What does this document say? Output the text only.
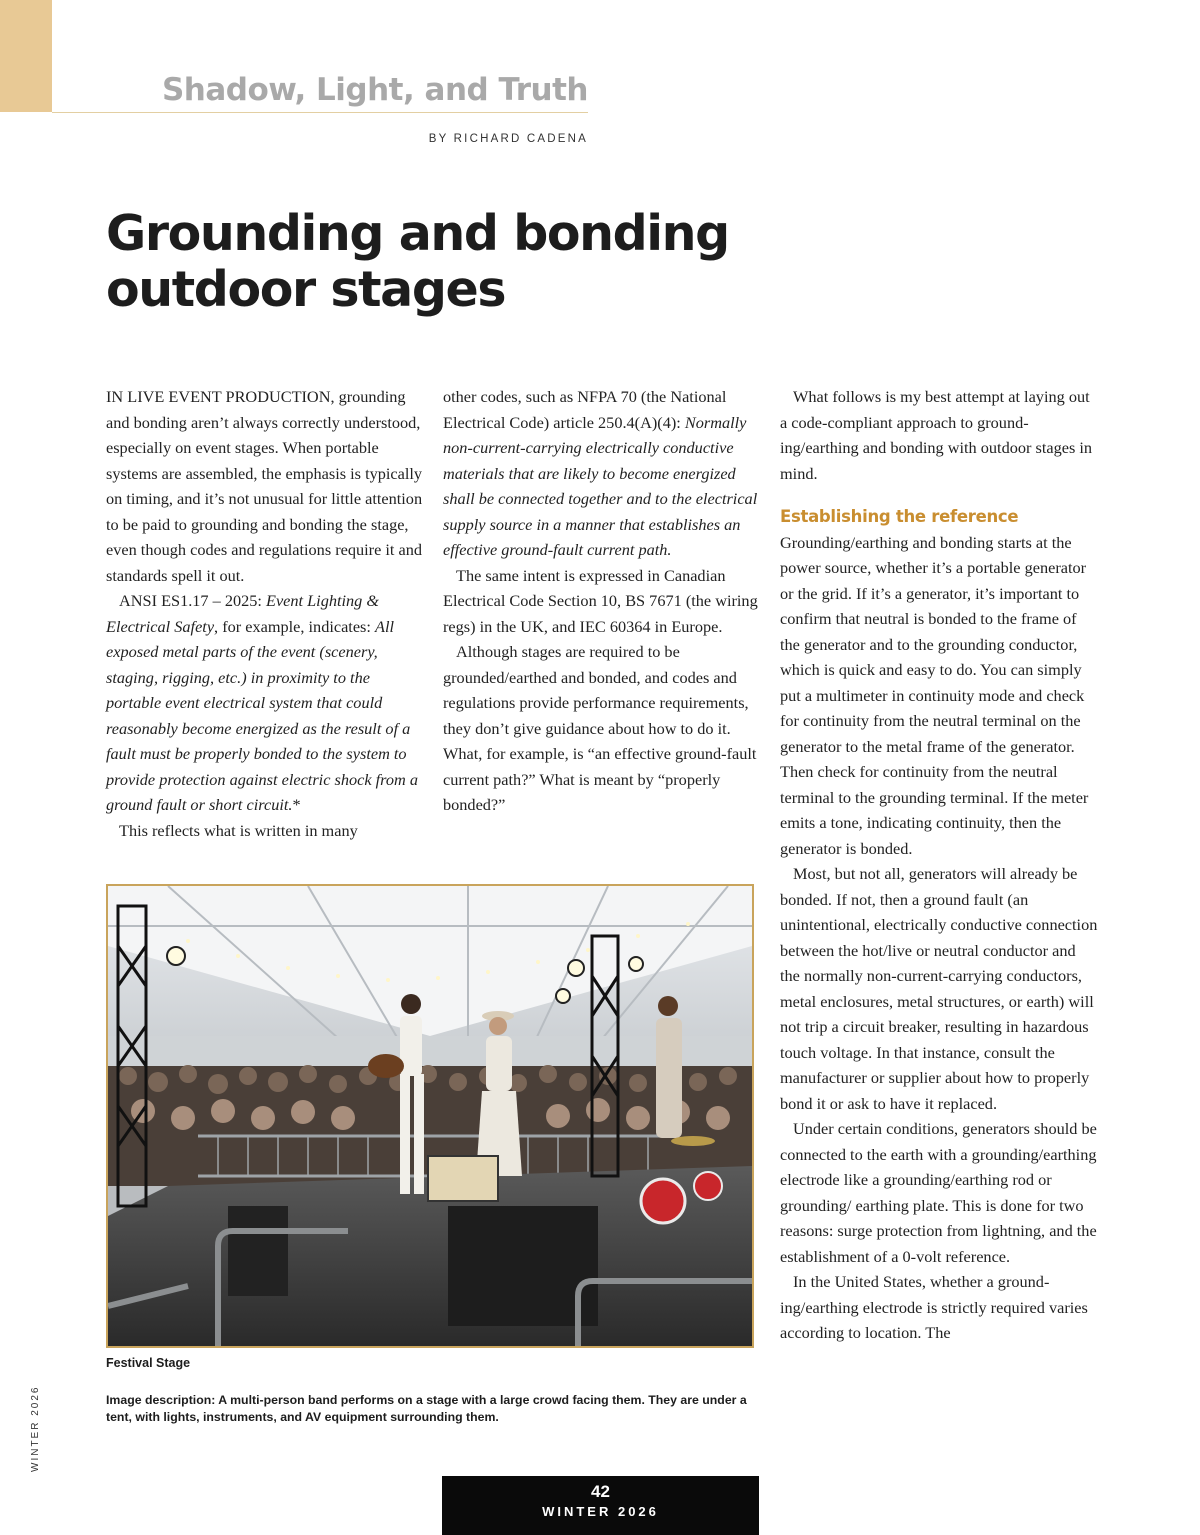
Shadow, Light, and Truth
BY RICHARD CADENA
Grounding and bonding
outdoor stages

IN LIVE EVENT PRODUCTION, grounding and bonding aren’t always correctly understood, especially on event stages. When portable systems are assembled, the emphasis is typically on timing, and it’s not unusual for little attention to be paid to grounding and bonding the stage, even though codes and regulations require it and standards spell it out.

ANSI ES1.17 – 2025: Event Lighting & Electrical Safety, for example, indicates: All exposed metal parts of the event (scenery, staging, rigging, etc.) in proximity to the portable event electrical system that could reasonably become energized as the result of a fault must be properly bonded to the system to provide protection against electric shock from a ground fault or short circuit.*

This reflects what is written in many

other codes, such as NFPA 70 (the National Electrical Code) article 250.4(A)(4): Normally non-current-carrying electrically conductive materials that are likely to become energized shall be connected together and to the electrical supply source in a manner that establishes an effective ground-fault current path.

The same intent is expressed in Canadian Electrical Code Section 10, BS 7671 (the wiring regs) in the UK, and IEC 60364 in Europe.

Although stages are required to be grounded/earthed and bonded, and codes and regulations provide performance requirements, they don’t give guidance about how to do it. What, for example, is “an effective ground-fault current path?” What is meant by “properly bonded?”

What follows is my best attempt at laying out a code-compliant approach to grounding/earthing and bonding with outdoor stages in mind.

Establishing the reference

Grounding/earthing and bonding starts at the power source, whether it’s a portable generator or the grid. If it’s a generator, it’s important to confirm that neutral is bonded to the frame of the generator and to the grounding conductor, which is quick and easy to do. You can simply put a multimeter in continuity mode and check for continuity from the neutral terminal on the generator to the metal frame of the generator. Then check for continuity from the neutral terminal to the grounding terminal. If the meter emits a tone, indicating continuity, then the generator is bonded.

Most, but not all, generators will already be bonded. If not, then a ground fault (an unintentional, electrically conductive connection between the hot/live or neutral conductor and the normally non-current-carrying conductors, metal enclosures, metal structures, or earth) will not trip a circuit breaker, resulting in hazardous touch voltage. In that instance, consult the manufacturer or supplier about how to properly bond it or ask to have it replaced.

Under certain conditions, generators should be connected to the earth with a grounding/earthing electrode like a grounding/earthing rod or grounding/ earthing plate. This is done for two reasons: surge protection from lightning, and the establishment of a 0-volt reference.

In the United States, whether a grounding/earthing electrode is strictly required varies according to location. The

Festival Stage
Image description: A multi-person band performs on a stage with a large crowd facing them. They are under a tent, with lights, instruments, and AV equipment surrounding them.
WINTER 2026
42
WINTER 2026
